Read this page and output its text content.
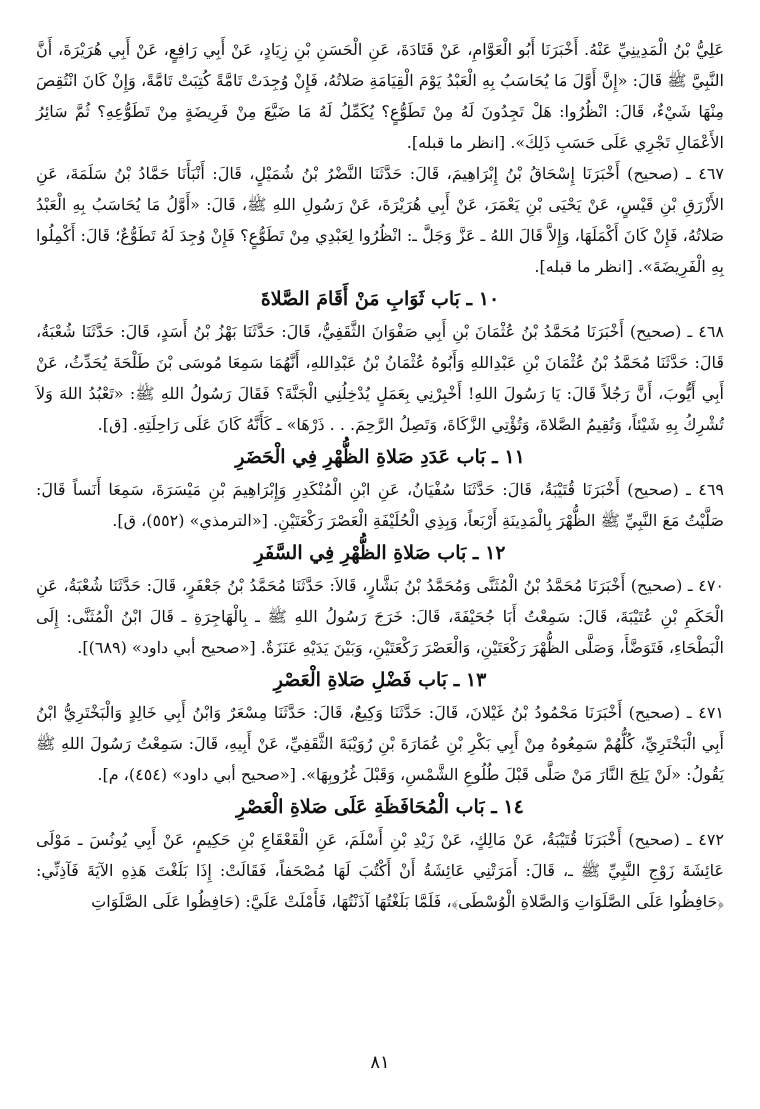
عَلِيُّ بْنُ الْمَدِينِيِّ عَنْهُ. أَخْبَرَنَا أَبُو الْعَوَّامِ، عَنْ قَتَادَةَ، عَنِ الْحَسَنِ بْنِ زِيَادٍ، عَنْ أَبِي رَافِعٍ، عَنْ أَبِي هُرَيْرَةَ، أَنَّ النَّبِيَّ ﷺ قَالَ: «إِنَّ أَوَّلَ مَا يُحَاسَبُ بِهِ الْعَبْدُ يَوْمَ الْقِيَامَةِ صَلاتُهُ، فَإِنْ وُجِدَتْ تَامَّةً كُتِبَتْ تَامَّةً، وَإِنْ كَانَ انْتُقِصَ مِنْهَا شَيْءٌ، قَالَ: انْظُرُوا: هَلْ تَجِدُونَ لَهُ مِنْ تَطَوُّعٍ؟ يُكَمِّلُ لَهُ مَا ضَيَّعَ مِنْ فَرِيضَةٍ مِنْ تَطَوُّعِهِ؟ ثُمَّ سَائِرُ الأَعْمَالِ تَجْرِي عَلَى حَسَبِ ذَلِكَ». [انظر ما قبله].

٤٦٧ ـ (صحيح) أَخْبَرَنَا إِسْحَاقُ بْنُ إِبْرَاهِيمَ، قَالَ: حَدَّثَنَا النَّضْرُ بْنُ شُمَيْلٍ، قَالَ: أَنْبَأَنَا حَمَّادُ بْنُ سَلَمَةَ، عَنِ الأَزْرَقِ بْنِ قَيْسٍ، عَنْ يَحْيَى بْنِ يَعْمَرَ، عَنْ أَبِي هُرَيْرَةَ، عَنْ رَسُولِ اللهِ ﷺ، قَالَ: «أَوَّلُ مَا يُحَاسَبُ بِهِ الْعَبْدُ صَلاتُهُ، فَإِنْ كَانَ أَكْمَلَهَا، وَإِلاَّ قَالَ اللهُ ـ عَزَّ وَجَلَّ ـ: انْظُرُوا لِعَبْدِي مِنْ تَطَوُّعٍ؟ فَإِنْ وُجِدَ لَهُ تَطَوُّعٌ؛ قَالَ: أَكْمِلُوا بِهِ الْفَرِيضَةَ». [انظر ما قبله].

١٠ ـ بَاب ثَوَابِ مَنْ أَقَامَ الصَّلاةَ

٤٦٨ ـ (صحيح) أَخْبَرَنَا مُحَمَّدُ بْنُ عُثْمَانَ بْنِ أَبِي صَفْوَانَ الثَّقَفِيُّ، قَالَ: حَدَّثَنَا بَهْزُ بْنُ أَسَدٍ، قَالَ: حَدَّثَنَا شُعْبَةُ، قَالَ: حَدَّثَنَا مُحَمَّدُ بْنُ عُثْمَانَ بْنِ عَبْدِاللهِ وَأَبُوهُ عُثْمَانُ بْنُ عَبْدِاللهِ، أَنَّهُمَا سَمِعَا مُوسَى بْنَ طَلْحَةَ يُحَدِّثُ، عَنْ أَبِي أَيُّوبَ، أَنَّ رَجُلاً قَالَ: يَا رَسُولَ اللهِ! أَخْبِرْنِي بِعَمَلٍ يُدْخِلُنِي الْجَنَّةَ؟ فَقَالَ رَسُولُ اللهِ ﷺ: «تَعْبُدُ اللهَ وَلاَ تُشْرِكُ بِهِ شَيْئاً، وَتُقِيمُ الصَّلاةَ، وَتُؤْتِي الزَّكَاةَ، وَتَصِلُ الرَّحِمَ. . . ذَرْهَا» ـ كَأَنَّهُ كَانَ عَلَى رَاحِلَتِهِ. [ق].

١١ ـ بَاب عَدَدِ صَلاةِ الظُّهْرِ فِي الْحَضَرِ

٤٦٩ ـ (صحيح) أَخْبَرَنَا قُتَيْبَةُ، قَالَ: حَدَّثَنَا سُفْيَانُ، عَنِ ابْنِ الْمُنْكَدِرِ وَإِبْرَاهِيمَ بْنِ مَيْسَرَةَ، سَمِعَا أَنَساً قَالَ: صَلَّيْتُ مَعَ النَّبِيِّ ﷺ الظُّهْرَ بِالْمَدِينَةِ أَرْبَعاً، وَبِذِي الْحُلَيْفَةِ الْعَصْرَ رَكْعَتَيْنِ. [«الترمذي» (٥٥٢)، ق].

١٢ ـ بَاب صَلاةِ الظُّهْرِ فِي السَّفَرِ

٤٧٠ ـ (صحيح) أَخْبَرَنَا مُحَمَّدُ بْنُ الْمُثَنَّى وَمُحَمَّدُ بْنُ بَشَّارٍ، قَالاَ: حَدَّثَنَا مُحَمَّدُ بْنُ جَعْفَرٍ، قَالَ: حَدَّثَنَا شُعْبَةُ، عَنِ الْحَكَمِ بْنِ عُتَيْبَةَ، قَالَ: سَمِعْتُ أَبَا جُحَيْفَةَ، قَالَ: خَرَجَ رَسُولُ اللهِ ﷺ ـ بِالْهَاجِرَةِ ـ قَالَ ابْنُ الْمُثَنَّى: إِلَى الْبَطْحَاءِ، فَتَوَضَّأَ، وَصَلَّى الظُّهْرَ رَكْعَتَيْنِ، وَالْعَصْرَ رَكْعَتَيْنِ، وَبَيْنَ يَدَيْهِ عَنَزَةٌ. [«صحيح أبي داود» (٦٨٩)].

١٣ ـ بَاب فَضْلِ صَلاةِ الْعَصْرِ

٤٧١ ـ (صحيح) أَخْبَرَنَا مَحْمُودُ بْنُ غَيْلانَ، قَالَ: حَدَّثَنَا وَكِيعٌ، قَالَ: حَدَّثَنَا مِسْعَرٌ وَابْنُ أَبِي خَالِدٍ وَالْبَخْتَرِيُّ ابْنُ أَبِي الْبَخْتَرِيِّ، كُلُّهُمْ سَمِعُوهُ مِنْ أَبِي بَكْرِ بْنِ عُمَارَةَ بْنِ رُوَيْبَةَ الثَّقَفِيِّ، عَنْ أَبِيهِ، قَالَ: سَمِعْتُ رَسُولَ اللهِ ﷺ يَقُولُ: «لَنْ يَلِجَ النَّارَ مَنْ صَلَّى قَبْلَ طُلُوعِ الشَّمْسِ، وَقَبْلَ غُرُوبِهَا». [«صحيح أبي داود» (٤٥٤)، م].

١٤ ـ بَاب الْمُحَافَظَةِ عَلَى صَلاةِ الْعَصْرِ

٤٧٢ ـ (صحيح) أَخْبَرَنَا قُتَيْبَةُ، عَنْ مَالِكٍ، عَنْ زَيْدِ بْنِ أَسْلَمَ، عَنِ الْقَعْقَاعِ بْنِ حَكِيمٍ، عَنْ أَبِي يُونُسَ ـ مَوْلَى عَائِشَةَ زَوْجِ النَّبِيِّ ﷺ ـ، قَالَ: أَمَرَتْنِي عَائِشَةُ أَنْ أَكْتُبَ لَهَا مُصْحَفاً، فَقَالَتْ: إِذَا بَلَغْتَ هَذِهِ الآيَةَ فَآذِنِّي: ﴿حَافِظُوا عَلَى الصَّلَوَاتِ وَالصَّلاةِ الْوُسْطَى﴾، فَلَمَّا بَلَغْتُهَا آذَنْتُهَا، فَأَمْلَتْ عَلَيَّ: (حَافِظُوا عَلَى الصَّلَوَاتِ

٨١
